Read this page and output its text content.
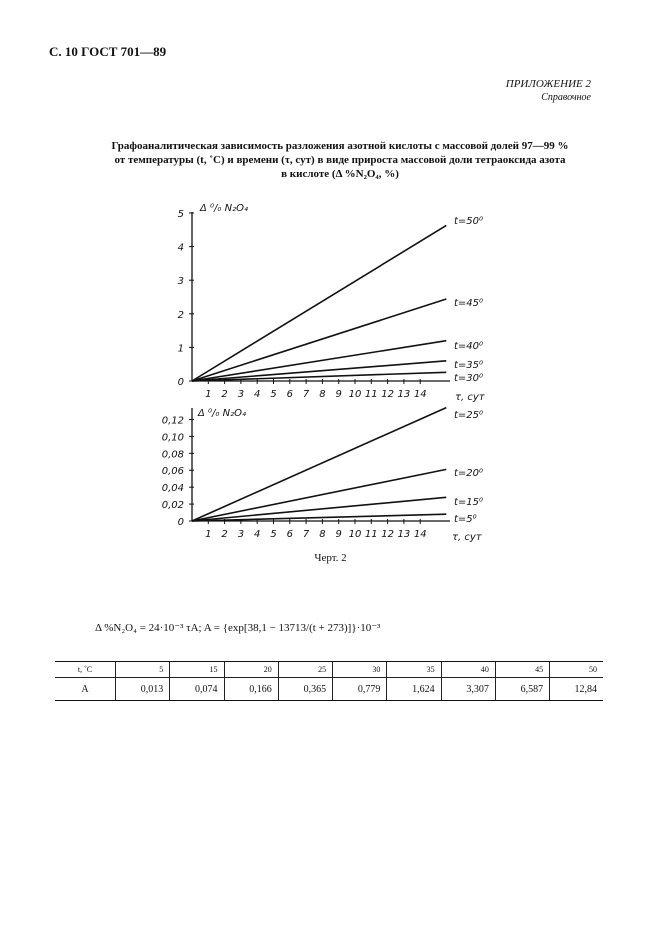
С. 10 ГОСТ 701—89
ПРИЛОЖЕНИЕ 2
Справочное
Графоаналитическая зависимость разложения азотной кислоты с массовой долей 97—99 %
от температуры (t, ˚С) и времени (τ, сут) в виде прироста массовой доли тетраоксида азота
в кислоте (Δ %N₂O₄, %)
0
1
2
3
4
5
1 2 3 4 5 6 7 8 9 10 11 12 13 14
Δ ⁰/₀ N₂O₄
τ, сут
t=50⁰
t=45⁰
t=40⁰
t=35⁰
t=30⁰
0
0,02
0,04
0,06
0,08
0,10
0,12
1 2 3 4 5 6 7 8 9 10 11 12 13 14
Δ ⁰/₀ N₂O₄
τ, сут
t=25⁰
t=20⁰
t=15⁰
t=5⁰
Черт. 2
Δ %N₂O₄ = 24·10⁻³ τA; A = {exp[38,1 − 13713/(t + 273)]}·10⁻³
t, ˚С	5	15	20	25	30	35	40	45	50
A	0,013	0,074	0,166	0,365	0,779	1,624	3,307	6,587	12,84
